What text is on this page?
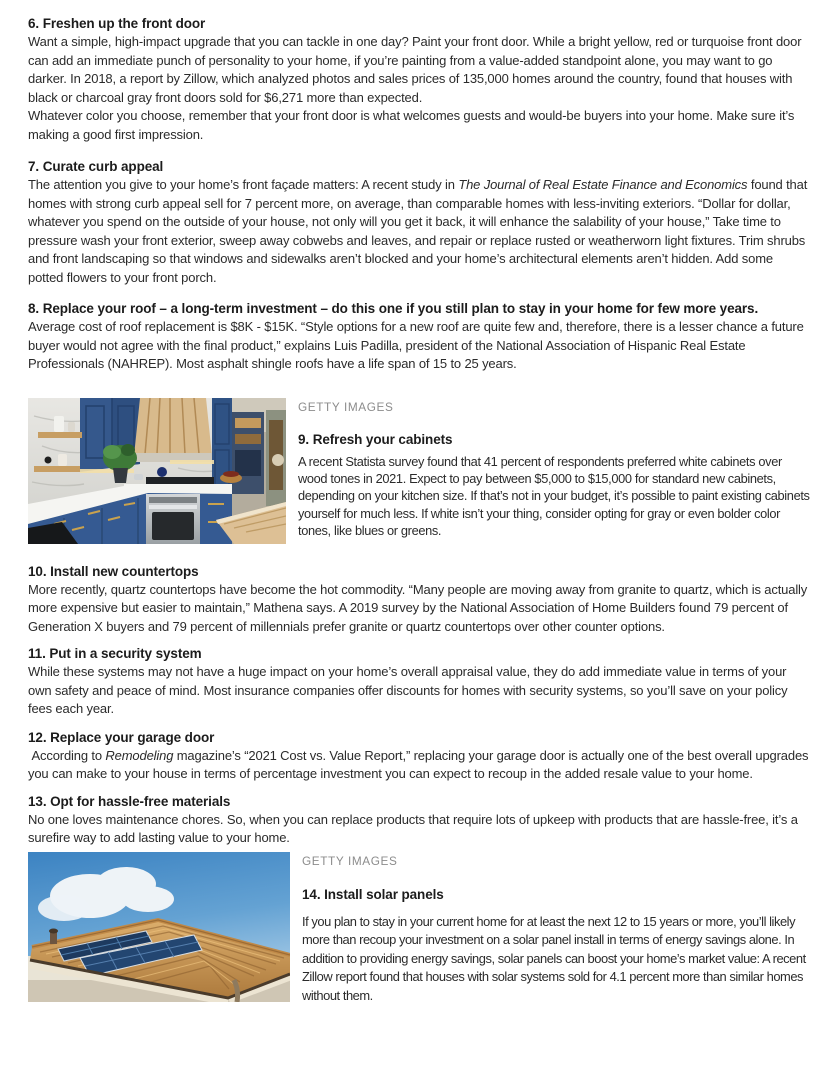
6. Freshen up the front door

Want a simple, high-impact upgrade that you can tackle in one day? Paint your front door. While a bright yellow, red or turquoise front door can add an immediate punch of personality to your home, if you’re painting from a value-added standpoint alone, you may want to go darker. In 2018, a report by Zillow, which analyzed photos and sales prices of 135,000 homes around the country, found that houses with black or charcoal gray front doors sold for $6,271 more than expected.

Whatever color you choose, remember that your front door is what welcomes guests and would-be buyers into your home. Make sure it’s making a good first impression.

7. Curate curb appeal

The attention you give to your home’s front façade matters: A recent study in The Journal of Real Estate Finance and Economics found that homes with strong curb appeal sell for 7 percent more, on average, than comparable homes with less-inviting exteriors. “Dollar for dollar, whatever you spend on the outside of your house, not only will you get it back, it will enhance the salability of your house,” Take time to pressure wash your front exterior, sweep away cobwebs and leaves, and repair or replace rusted or weatherworn light fixtures. Trim shrubs and front landscaping so that windows and sidewalks aren’t blocked and your home’s architectural elements aren’t hidden. Add some potted flowers to your front porch.

8. Replace your roof – a long-term investment – do this one if you still plan to stay in your home for few more years.

Average cost of roof replacement is $8K - $15K. “Style options for a new roof are quite few and, therefore, there is a lesser chance a future buyer would not agree with the final product,” explains Luis Padilla, president of the National Association of Hispanic Real Estate Professionals (NAHREP). Most asphalt shingle roofs have a life span of 15 to 25 years.

GETTY IMAGES
9. Refresh your cabinets

A recent Statista survey found that 41 percent of respondents preferred white cabinets over wood tones in 2021. Expect to pay between $5,000 to $15,000 for standard new cabinets, depending on your kitchen size. If that’s not in your budget, it’s possible to paint existing cabinets yourself for much less. If white isn’t your thing, consider opting for gray or even bolder color tones, like blues or greens.

10. Install new countertops

More recently, quartz countertops have become the hot commodity. “Many people are moving away from granite to quartz, which is actually more expensive but easier to maintain,” Mathena says. A 2019 survey by the National Association of Home Builders found 79 percent of Generation X buyers and 79 percent of millennials prefer granite or quartz countertops over other counter options.

11. Put in a security system

While these systems may not have a huge impact on your home’s overall appraisal value, they do add immediate value in terms of your own safety and peace of mind. Most insurance companies offer discounts for homes with security systems, so you’ll save on your policy fees each year.

12. Replace your garage door

According to Remodeling magazine’s “2021 Cost vs. Value Report,” replacing your garage door is actually one of the best overall upgrades you can make to your house in terms of percentage investment you can expect to recoup in the added resale value to your home.

13. Opt for hassle-free materials

No one loves maintenance chores. So, when you can replace products that require lots of upkeep with products that are hassle-free, it’s a surefire way to add lasting value to your home.

GETTY IMAGES
14. Install solar panels

If you plan to stay in your current home for at least the next 12 to 15 years or more, you’ll likely more than recoup your investment on a solar panel install in terms of energy savings alone. In addition to providing energy savings, solar panels can boost your home’s market value: A recent Zillow report found that houses with solar systems sold for 4.1 percent more than similar homes without them.
